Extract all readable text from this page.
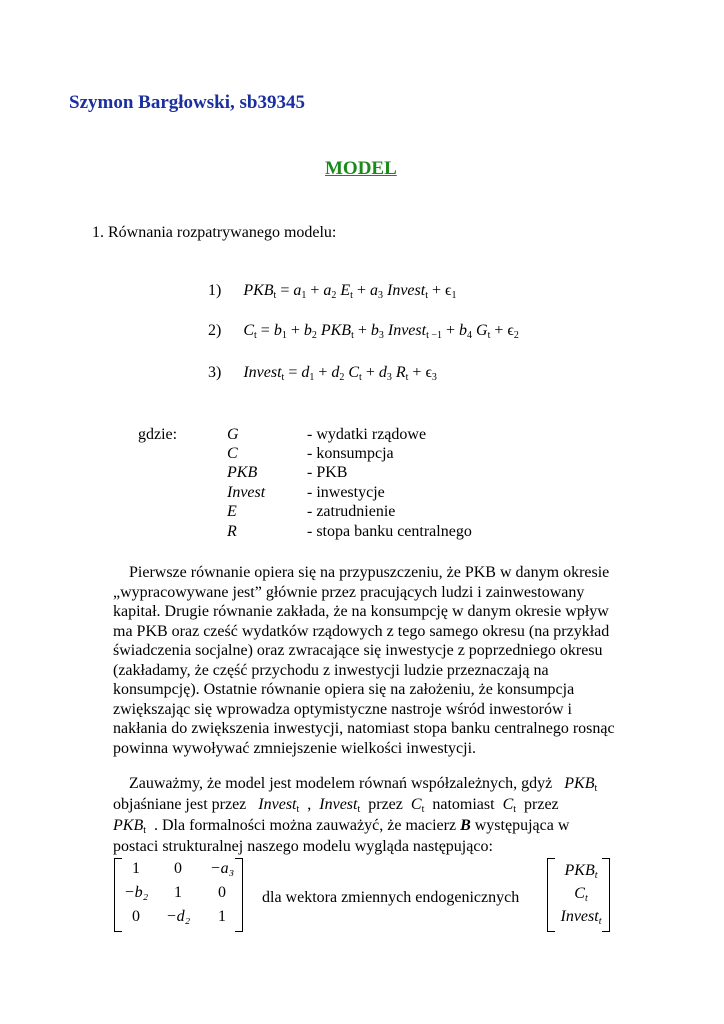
Szymon Bargłowski, sb39345
MODEL
1. Równania rozpatrywanego modelu:
1) $PKB_t = a_1 + a_2$ $E_t + a_3$ Invest$_t$ + $\epsilon_1$
2) $C_t = b_1 + b_2$ $PKB_t + b_3$ Invest$_{t -1}$ + $b_4$ $G_t + \epsilon_2$
3) Invest$_t$ = $d_1 + d_2$ $C_t + d_3$ $R_t + \epsilon_3$
gdzie:	G	- wydatki rządowe
C	- konsumpcja
PKB	- PKB
Invest	- inwestycje
E	- zatrudnienie
R	- stopa banku centralnego
Pierwsze równanie opiera się na przypuszczeniu, że PKB w danym okresie
„wypracowywane jest” głównie przez pracujących ludzi i zainwestowany
kapitał. Drugie równanie zakłada, że na konsumpcję w danym okresie wpływ
ma PKB oraz cześć wydatków rządowych z tego samego okresu (na przykład
świadczenia socjalne) oraz zwracające się inwestycje z poprzedniego okresu
(zakładamy, że część przychodu z inwestycji ludzie przeznaczają na
konsumpcję). Ostatnie równanie opiera się na założeniu, że konsumpcja
zwiększając się wprowadza optymistyczne nastroje wśród inwestorów i
nakłania do zwiększenia inwestycji, natomiast stopa banku centralnego rosnąc
powinna wywoływać zmniejszenie wielkości inwestycji.
Zauważmy, że model jest modelem równań współzależnych, gdyż $PKB_t$
objaśniane jest przez Invest$_t$ , Invest$_t$ przez $C_t$ natomiast $C_t$ przez
$PKB_t$ . Dla formalności można zauważyć, że macierz B występująca w
postaci strukturalnej naszego modelu wygląda następująco:
1	0	−a₃
−b₂	1	0
0	−d₂	1
dla wektora zmiennych endogenicznych
$PKB_t$
$C_t$
Invest$_t$
